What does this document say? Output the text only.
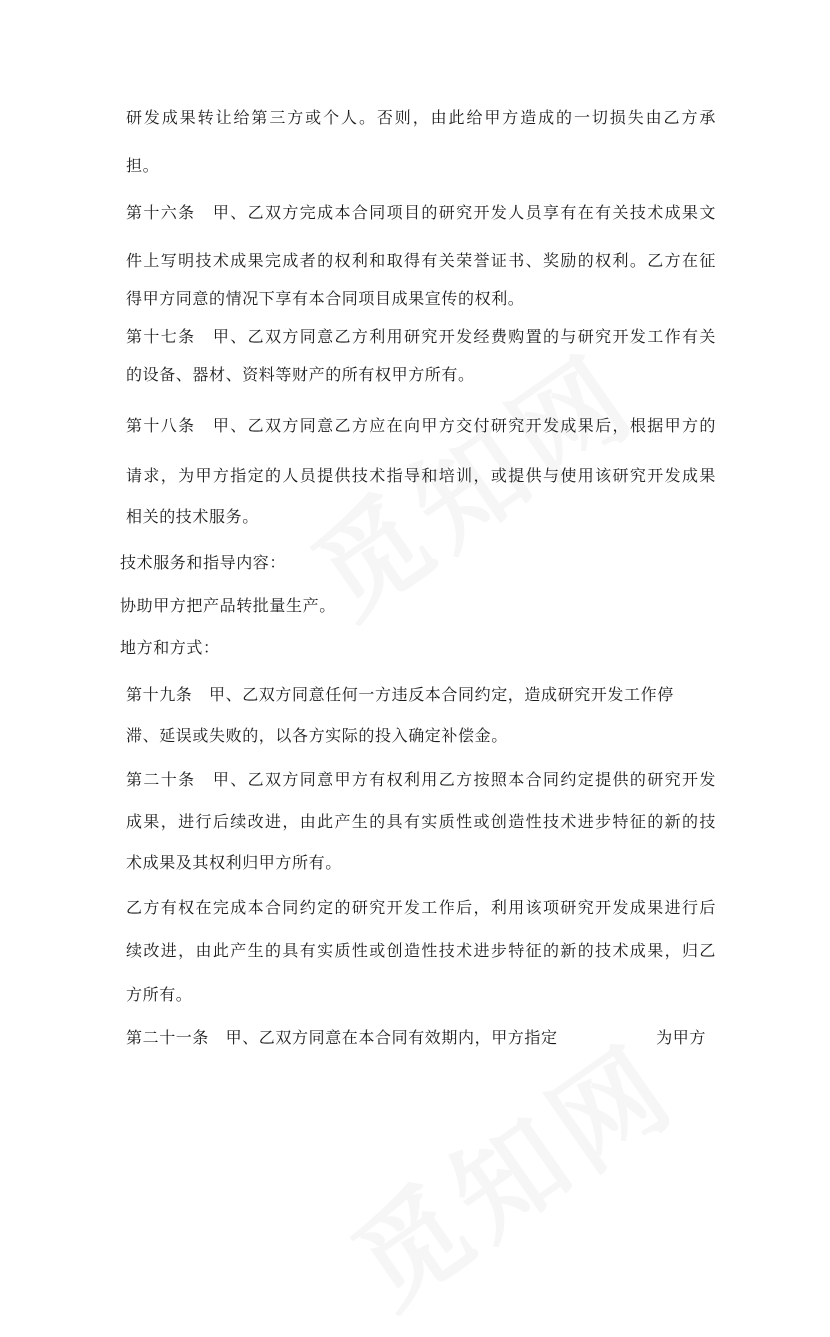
研发成果转让给第三方或个人。否则，由此给甲方造成的一切损失由乙方承
担。
第十六条　甲、乙双方完成本合同项目的研究开发人员享有在有关技术成果文
件上写明技术成果完成者的权利和取得有关荣誉证书、奖励的权利。乙方在征
得甲方同意的情况下享有本合同项目成果宣传的权利。
第十七条　甲、乙双方同意乙方利用研究开发经费购置的与研究开发工作有关
的设备、器材、资料等财产的所有权甲方所有。
第十八条　甲、乙双方同意乙方应在向甲方交付研究开发成果后，根据甲方的
请求，为甲方指定的人员提供技术指导和培训，或提供与使用该研究开发成果
相关的技术服务。
技术服务和指导内容：
协助甲方把产品转批量生产。
地方和方式：
第十九条　甲、乙双方同意任何一方违反本合同约定，造成研究开发工作停
滞、延误或失败的，以各方实际的投入确定补偿金。
第二十条　甲、乙双方同意甲方有权利用乙方按照本合同约定提供的研究开发
成果，进行后续改进，由此产生的具有实质性或创造性技术进步特征的新的技
术成果及其权利归甲方所有。
乙方有权在完成本合同约定的研究开发工作后，利用该项研究开发成果进行后
续改进，由此产生的具有实质性或创造性技术进步特征的新的技术成果，归乙
方所有。
第二十一条　甲、乙双方同意在本合同有效期内，甲方指定	为甲方
